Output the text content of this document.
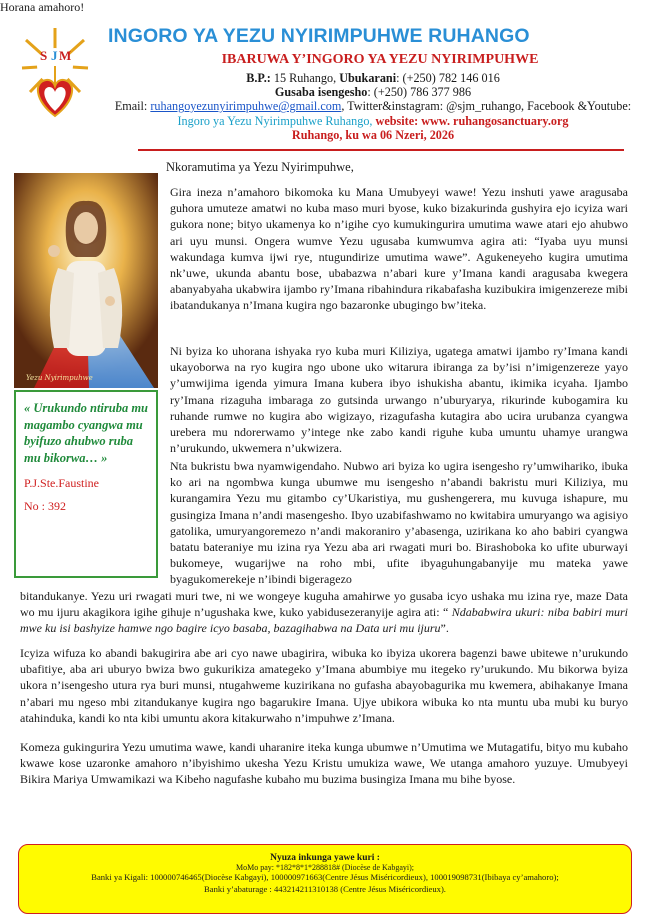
S J M
INGORO YA YEZU NYIRIMPUHWE RUHANGO
IBARUWA Y’INGORO YA YEZU NYIRIMPUHWE
B.P.: 15 Ruhango, Ubukarani: (+250) 782 146 016
Gusaba isengesho: (+250) 786 377 986
Email: ruhangoyezunyirimpuhwe@gmail.com, Twitter&instagram: @sjm_ruhango, Facebook &Youtube: Ingoro ya Yezu Nyirimpuhwe Ruhango, website: www. ruhangosanctuary.org
Ruhango, ku wa 06 Nzeri, 2026
Yezu Nyirimpuhwe
« Urukundo ntiruba mu magambo cyangwa mu byifuzo ahubwo ruba mu bikorwa… »
P.J.Ste.Faustine
No : 392
Nkoramutima ya Yezu Nyirimpuhwe,
Gira ineza n’amahoro bikomoka ku Mana Umubyeyi wawe! Yezu inshuti yawe aragusaba guhora umuteze amatwi no kuba maso muri byose, kuko bizakurinda gushyira ejo icyiza wari gukora none; bityo ukamenya ko n’igihe cyo kumukingurira umutima wawe atari ejo ahubwo ari uyu munsi. Ongera wumve Yezu ugusaba kumwumva agira ati: “Iyaba uyu munsi wakundaga kumva ijwi rye, ntugundirize umutima wawe”. Agukeneyeho kugira umutima nk’uwe, ukunda abantu bose, ubabazwa n’abari kure y’Imana kandi aragusaba kwegera abanyabyaha ukabwira ijambo ry’Imana ribahindura rikabafasha kuzibukira imigenzereze mibi ibatandukanya n’Imana kugira ngo bazaronke ubugingo bw’iteka.
Ni byiza ko uhorana ishyaka ryo kuba muri Kiliziya, ugatega amatwi ijambo ry’Imana kandi ukayoborwa na ryo kugira ngo ubone uko witarura ibiranga za by’isi n’imigenzereze yayo y’umwijima igenda yimura Imana kubera ibyo ishukisha abantu, ikimika icyaha. Ijambo ry’Imana rizaguha imbaraga zo gutsinda urwango n’uburyarya, rikurinde kubogamira ku ruhande rumwe no kugira abo wigizayo, rizagufasha kutagira abo ucira urubanza cyangwa urebera mu ndorerwamo y’intege nke zabo kandi riguhe kuba umuntu uhamye urangwa n’urukundo, ukwemera n’ukwizera.
Nta bukristu bwa nyamwigendaho. Nubwo ari byiza ko ugira isengesho ry’umwihariko, ibuka ko ari na ngombwa kunga ubumwe mu isengesho n’abandi bakristu muri Kiliziya, mu kurangamira Yezu mu gitambo cy’Ukaristiya, mu gushengerera, mu kuvuga ishapure, mu gusingiza Imana n’andi masengesho. Ibyo uzabifashwamo no kwitabira umuryango wa agisiyo gatolika, umuryangoremezo n’andi makoraniro y’abasenga, uzirikana ko aho babiri cyangwa batatu bateraniye mu izina rya Yezu aba ari rwagati muri bo. Birashoboka ko ufite uburwayi bukomeye, wugarijwe na roho mbi, ufite ibyaguhungabanyije mu mateka yawe byagukomerekeje n’ibindi bigeragezo
bitandukanye. Yezu uri rwagati muri twe, ni we wongeye kuguha amahirwe yo gusaba icyo ushaka mu izina rye, maze Data wo mu ijuru akagikora igihe gihuje n’ugushaka kwe, kuko yabidusezeranyije agira ati: “ Ndababwira ukuri: niba babiri muri mwe ku isi bashyize hamwe ngo bagire icyo basaba, bazagihabwa na Data uri mu ijuru”.
Icyiza wifuza ko abandi bakugirira abe ari cyo nawe ubagirira, wibuka ko ibyiza ukorera bagenzi bawe ubitewe n’urukundo ubafitiye, aba ari uburyo bwiza bwo gukurikiza amategeko y’Imana abumbiye mu itegeko ry’urukundo. Mu bikorwa byiza ukora n’isengesho utura rya buri munsi, ntugahweme kuzirikana no gufasha abayobagurika mu kwemera, abihakanye Imana n’abari mu ngeso mbi zitandukanye kugira ngo bagarukire Imana. Ujye ubikora wibuka ko nta muntu uba mubi ku buryo atahinduka, kandi ko nta kibi umuntu akora kitakurwaho n’impuhwe z’Imana.
Komeza gukingurira Yezu umutima wawe, kandi uharanire iteka kunga ubumwe n’Umutima we Mutagatifu, bityo mu kubaho kwawe kose uzaronke amahoro n’ibyishimo ukesha Yezu Kristu umukiza wawe, We utanga amahoro yuzuye. Umubyeyi Bikira Mariya Umwamikazi wa Kibeho nagufashe kubaho mu buzima busingiza Imana mu bihe byose.
Horana amahoro!
Nyuza inkunga yawe kuri :
MoMo pay: *182*8*1*288818# (Diocèse de Kabgayi);
Banki ya Kigali: 100000746465(Diocèse Kabgayi), 100000971663(Centre Jésus Miséricordieux), 100019098731(Ibibaya cy’amahoro);
Banki y’abaturage : 443214211310138 (Centre Jésus Miséricordieux).
